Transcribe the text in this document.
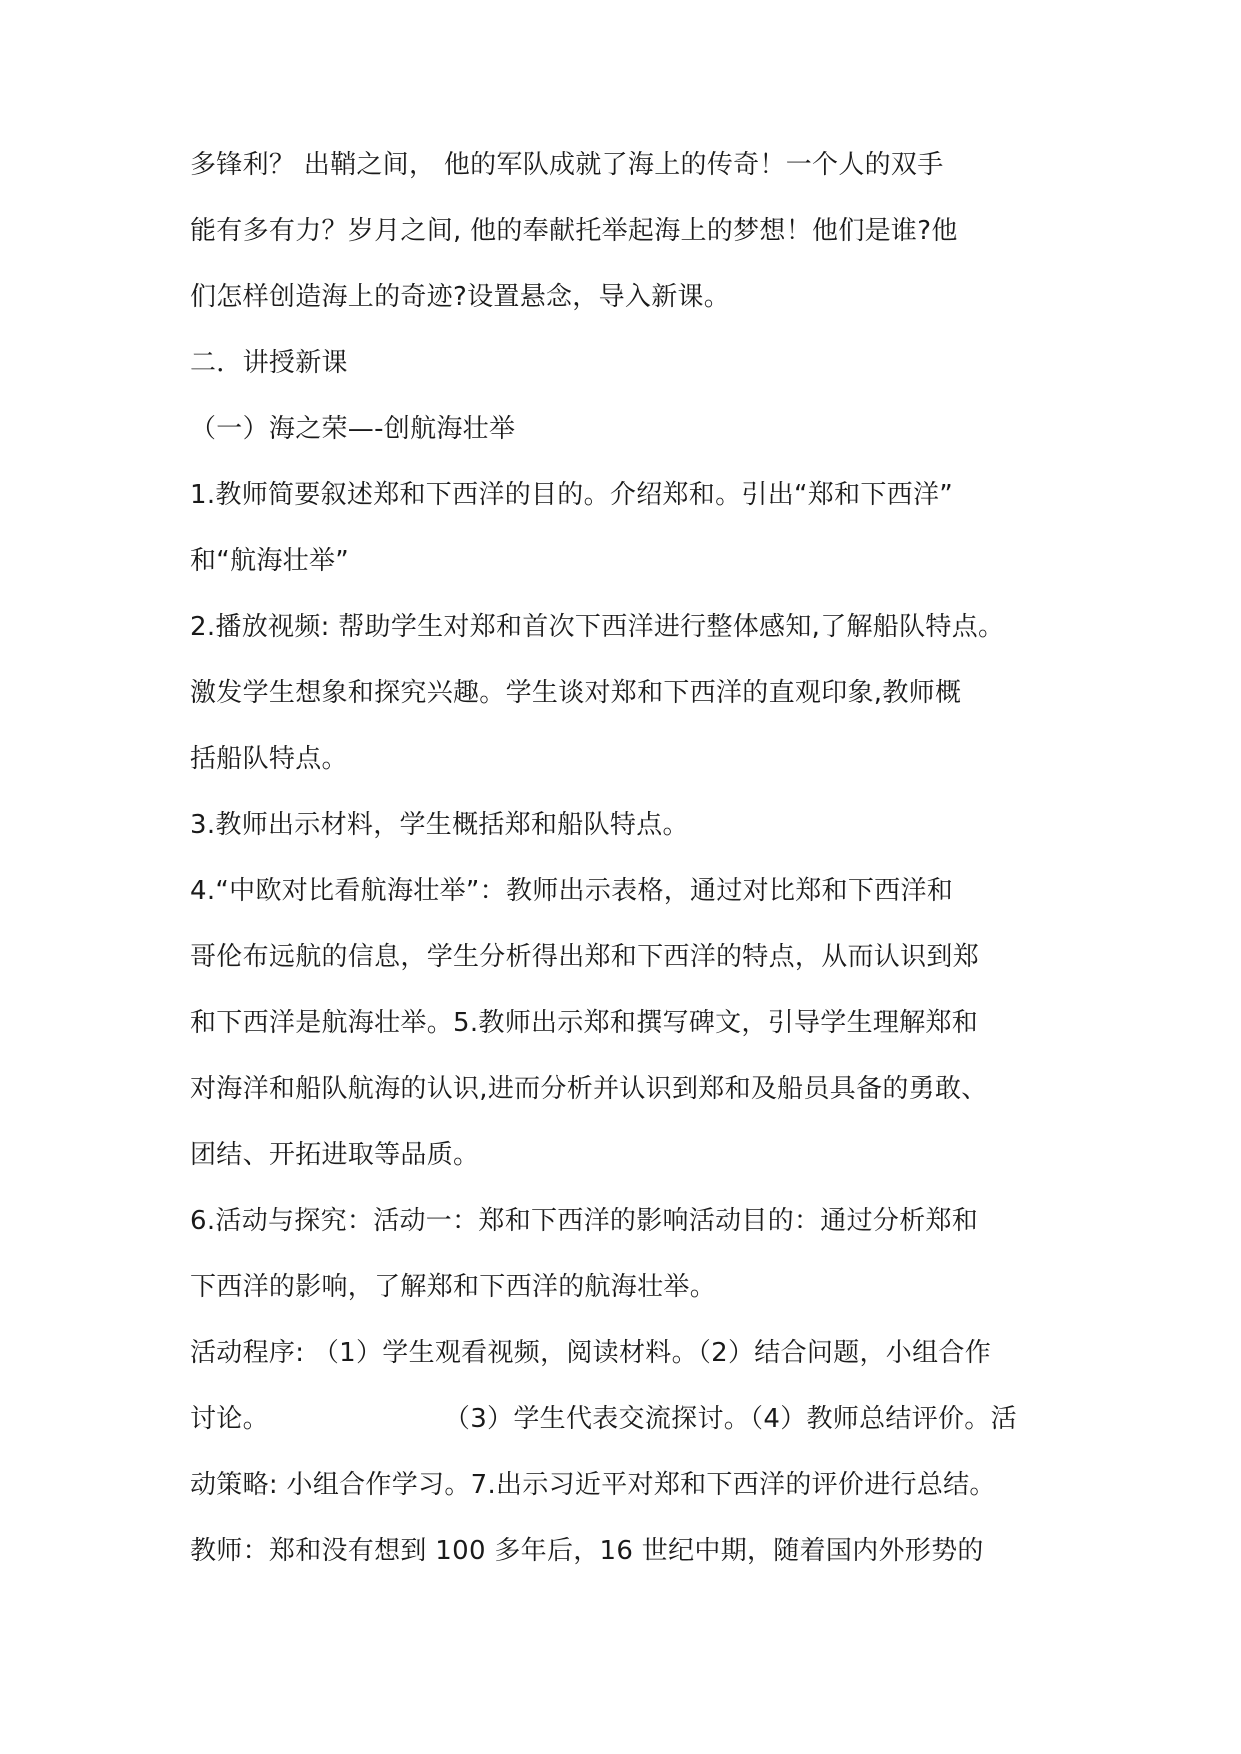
多锋利？ 出鞘之间， 他的军队成就了海上的传奇！一个人的双手
能有多有力？岁月之间, 他的奉献托举起海上的梦想！他们是谁?他
们怎样创造海上的奇迹?设置悬念，导入新课。
二．讲授新课
（一）海之荣—-创航海壮举
1.教师简要叙述郑和下西洋的目的。介绍郑和。引出“郑和下西洋”
和“航海壮举”
2.播放视频: 帮助学生对郑和首次下西洋进行整体感知,了解船队特点。
激发学生想象和探究兴趣。学生谈对郑和下西洋的直观印象,教师概
括船队特点。
3.教师出示材料，学生概括郑和船队特点。
4.“中欧对比看航海壮举”：教师出示表格，通过对比郑和下西洋和
哥伦布远航的信息，学生分析得出郑和下西洋的特点，从而认识到郑
和下西洋是航海壮举。5.教师出示郑和撰写碑文，引导学生理解郑和
对海洋和船队航海的认识,进而分析并认识到郑和及船员具备的勇敢、
团结、开拓进取等品质。
6.活动与探究：活动一：郑和下西洋的影响活动目的：通过分析郑和
下西洋的影响，了解郑和下西洋的航海壮举。
活动程序: （1）学生观看视频，阅读材料。（2）结合问题，小组合作
讨论。	（3）学生代表交流探讨。（4）教师总结评价。活
动策略: 小组合作学习。7.出示习近平对郑和下西洋的评价进行总结。
教师：郑和没有想到 100 多年后，16 世纪中期，随着国内外形势的
